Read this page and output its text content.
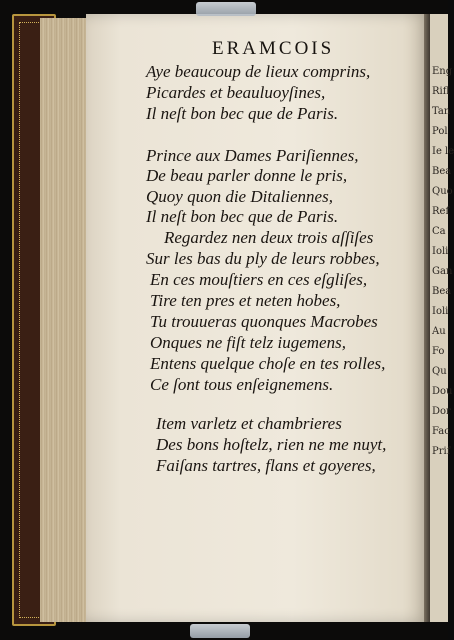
Eng
Rifl
Tan
Pol
Ie le
Bea
Quo
Ref
Ca
Ioli
Gan
Bea
Ioli
Au
Fo
Qu
Dou
Dor
Fac
Prif
ERAMCOIS
Aye beaucoup de lieux comprins,
Picardes et beauluoyſines,
Il neſt bon bec que de Paris.
Prince aux Dames Pariſiennes,
De beau parler donne le pris,
Quoy quon die Ditaliennes,
Il neſt bon bec que de Paris.
Regardez nen deux trois aſſiſes
Sur les bas du ply de leurs robbes,
En ces mouſtiers en ces eſgliſes,
Tire ten pres et neten hobes,
Tu trouueras quonques Macrobes
Onques ne fiſt telz iugemens,
Entens quelque choſe en tes rolles,
Ce ſont tous enſeignemens.
Item varletz et chambrieres
Des bons hoſtelz, rien ne me nuyt,
Faiſans tartres, flans et goyeres,
